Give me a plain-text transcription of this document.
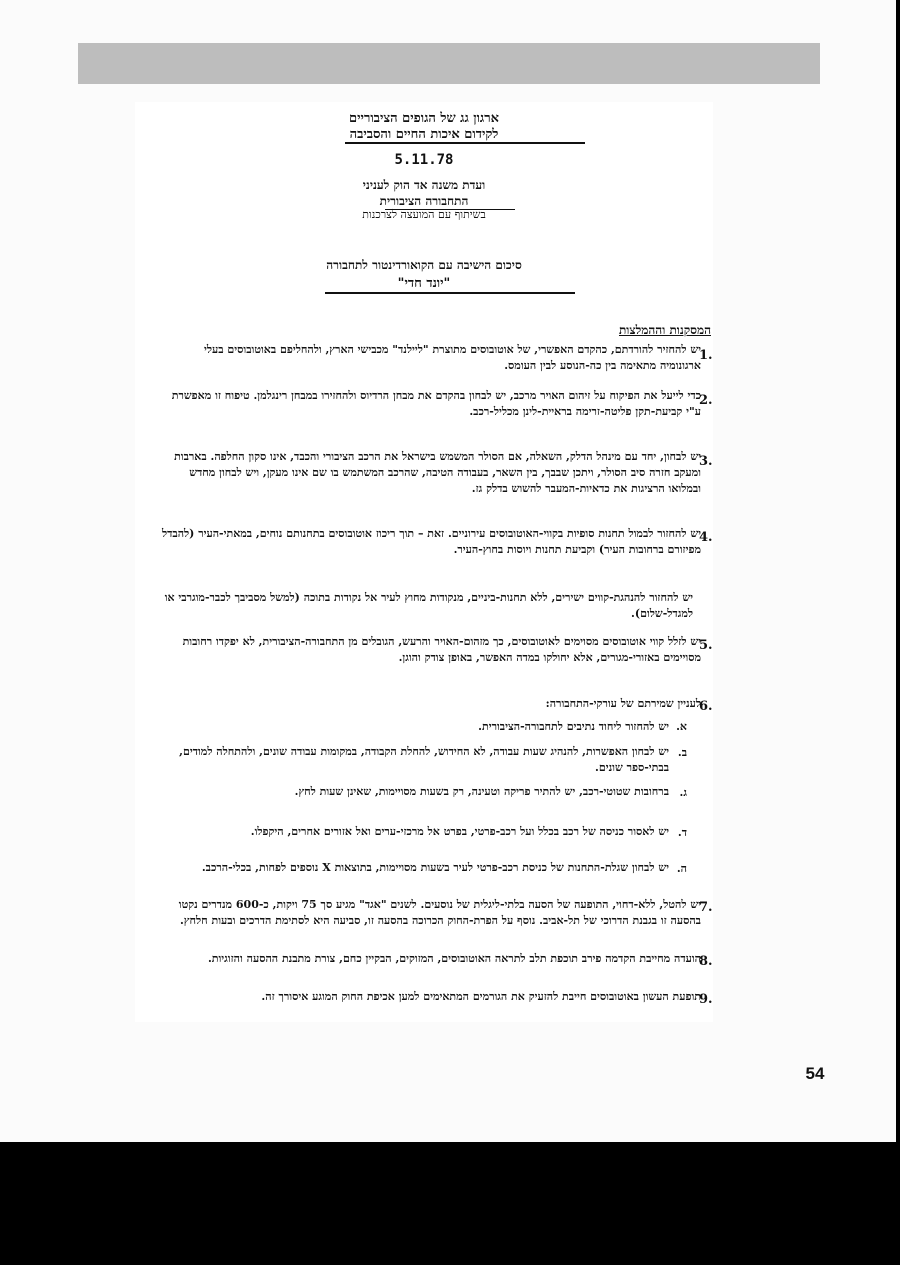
ארגון גג של הגופים הציבוריים
לקידום איכות החיים והסביבה
5.11.78
ועדת משנה אד הוק לעניני
התחבורה הציבורית
בשיתוף עם המועצה לצרכנות
סיכום הישיבה עם הקואורדינטור לתחבורה
"יונד חדי"
המסקנות וההמלצות
1.
יש להחזיר להורדתם, כהקדם האפשרי, של אוטובוסים מתוצרת "ליילנד" מכבישי הארץ, ולהחליפם באוטובוסים בעלי ארגונומיה מתאימה בין כה-הנוסע לבין העומס.
2.
כדי לייעל את הפיקוח על זיהום האויר מרכב, יש לבחון בהקדם את מבחן הרדיוס ולהחזירו במבחן רינגלמן. טיפוח זו מאפשרת ע"י קביעת-תקן פליטה-זרימה בראיית-לינן מכליל-רכב.
3.
יש לבחון, יחד עם מינהל הדלק, השאלה, אם הסולר המשמש בישראל את הרכב הציבורי והכבד, אינו סקון החלפה. בארבות ומעקב חזרה סיב הסולר, ויתכן שבבך, בין השאר, בעבודה הטיבה, שהרכב המשתמש בו שם אינו מעקן, ויש לבחון מחדש ובמלואו הרציגות את כדאיות-המעבר להשוש בדלק גז.
4.
יש להחזור לבמול תחנות סופיות בקווי-האוטובוסים עירוניים. זאת – תוך ריכוז אוטובוסים בתחנותם נוחים, במאתי-העיר (להבדל מפיזורם ברחובות העיר) וקביעת תחנות ויוסות בחוץ-העיר.
יש להחזור להנהגת-קווים ישירים, ללא תחנות-ביניים, מנקודות מחוץ לעיר אל נקודות בתוכה (למשל מסביבך לכבר-מוגרבי או למגדל-שלום).
5.
יש לזלל קווי אוטובוסים מסוימים לאוטובוסים, כך מזהום-האויר והרעש, הגובלים מן התחבורה-הציבורית, לא יפקדו רחובות מסויימים באזורי-מגורים, אלא יחולקו במדה האפשר, באופן צודק והוגן.
6.
לעניין שמירתם של עורקי-התחבורה:
א.
יש להחזור ליחוד נתיבים לתחבורה-הציבורית.
ב.
יש לבחון האפשרות, להנהיג שעות עבודה, לא החידוש, להחלת הקבודה, במקומות עבודה שונים, ולהתחלה למודים, בבתי-ספר שונים.
ג.
ברחובות שטוטי-רכב, יש להתיר פריקה וטעינה, רק בשעות מסויימות, שאינן שעות לחץ.
ד.
יש לאסור כניסה של רכב בכלל ועל רכב-פרטי, בפרט אל מרכזי-ערים ואל אזורים אחרים, היקפלו.
ה.
יש לבחון שגלת-התחנות של כניסת רכב-פרטי לעיר בשעות מסויימות, בתוצאות X נוספים לפחות, בכלי-הרכב.
7.
יש להטל, ללא-דחוי, התופעה של הסעה בלתי-ליגלית של נוסעים. לשנים "אגד" מגיע סך 75 ויקות, כ-600 מנדרים נקטו בהסעה זו בגבנת הדרוכי של תל-אביב. נוסף על הפרת-החוק הכרוכה בהסעה זו, סביעה היא לסתימת הדרכים ובעות חלחץ.
8.
הועדה מחייבת הקדמה פירב תוכפת תלב לתראה האוטובוסים, המזוקים, הבקיין כחם, צורת מתבנת ההסעה והזוגיות.
9.
תופעת העשון באוטובוסים חייבת להזעיק את הגורמים המתאימים למען אכיפת החוק המוגע איסורך זה.
54
